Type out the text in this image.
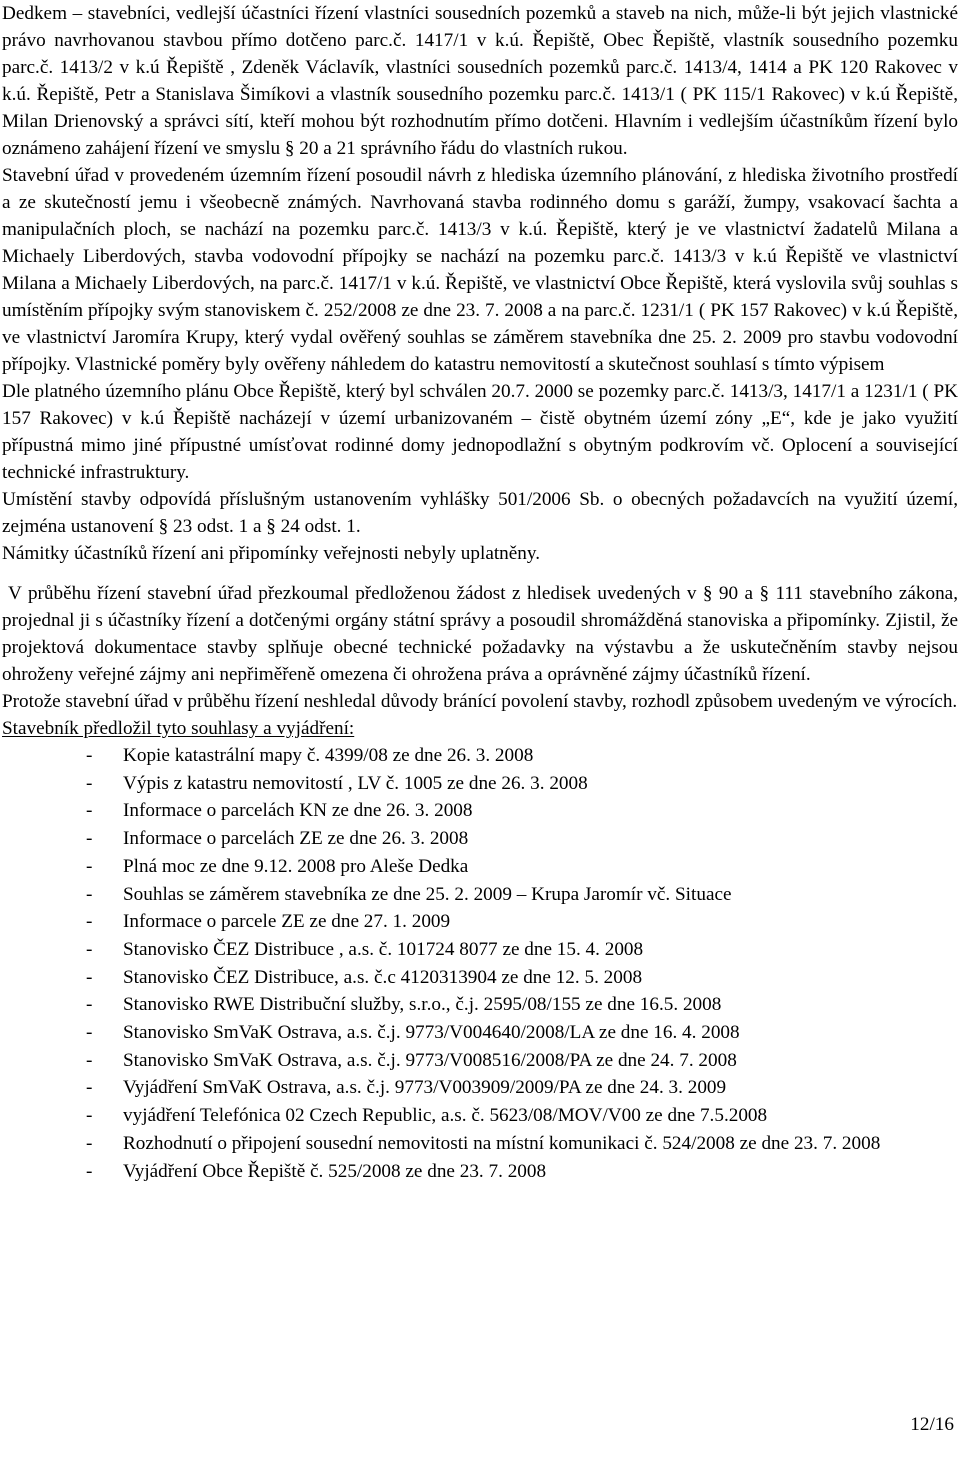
Dedkem – stavebníci, vedlejší účastníci řízení vlastníci sousedních pozemků a staveb na nich, může-li být jejich vlastnické právo navrhovanou stavbou přímo dotčeno parc.č. 1417/1 v k.ú. Řepiště, Obec Řepiště, vlastník sousedního pozemku parc.č. 1413/2 v k.ú Řepiště , Zdeněk Václavík, vlastníci sousedních pozemků parc.č. 1413/4, 1414 a PK 120 Rakovec v k.ú. Řepiště, Petr a Stanislava Šimíkovi a vlastník sousedního pozemku parc.č. 1413/1 ( PK 115/1 Rakovec) v k.ú Řepiště, Milan Drienovský a správci sítí, kteří mohou být rozhodnutím přímo dotčeni. Hlavním i vedlejším účastníkům řízení bylo oznámeno zahájení řízení ve smyslu § 20 a 21 správního řádu do vlastních rukou.

Stavební úřad v provedeném územním řízení posoudil návrh z hlediska územního plánování, z hlediska životního prostředí a ze skutečností jemu i všeobecně známých. Navrhovaná stavba rodinného domu s garáží, žumpy, vsakovací šachta a manipulačních ploch, se nachází na pozemku parc.č. 1413/3 v k.ú. Řepiště, který je ve vlastnictví žadatelů Milana a Michaely Liberdových, stavba vodovodní přípojky se nachází na pozemku parc.č. 1413/3 v k.ú Řepiště ve vlastnictví Milana a Michaely Liberdových, na parc.č. 1417/1 v k.ú. Řepiště, ve vlastnictví Obce Řepiště, která vyslovila svůj souhlas s umístěním přípojky svým stanoviskem č. 252/2008 ze dne 23. 7. 2008 a na parc.č. 1231/1 ( PK 157 Rakovec) v k.ú Řepiště, ve vlastnictví Jaromíra Krupy, který vydal ověřený souhlas se záměrem stavebníka dne 25. 2. 2009 pro stavbu vodovodní přípojky. Vlastnické poměry byly ověřeny náhledem do katastru nemovitostí a skutečnost souhlasí s tímto výpisem

Dle platného územního plánu Obce Řepiště, který byl schválen 20.7. 2000 se pozemky parc.č. 1413/3, 1417/1 a 1231/1 ( PK 157 Rakovec) v k.ú Řepiště nacházejí v území urbanizovaném – čistě obytném území zóny „E“, kde je jako využití přípustná mimo jiné přípustné umísťovat rodinné domy jednopodlažní s obytným podkrovím vč. Oplocení a související technické infrastruktury.

Umístění stavby odpovídá příslušným ustanovením vyhlášky 501/2006 Sb. o obecných požadavcích na využití území, zejména ustanovení § 23 odst. 1 a § 24 odst. 1.

Námitky účastníků řízení ani připomínky veřejnosti nebyly uplatněny.

V průběhu řízení stavební úřad přezkoumal předloženou žádost z hledisek uvedených v § 90 a § 111 stavebního zákona, projednal ji s účastníky řízení a dotčenými orgány státní správy a posoudil shromážděná stanoviska a připomínky. Zjistil, že projektová dokumentace stavby splňuje obecné technické požadavky na výstavbu a že uskutečněním stavby nejsou ohroženy veřejné zájmy ani nepřiměřeně omezena či ohrožena práva a oprávněné zájmy účastníků řízení.

Protože stavební úřad v průběhu řízení neshledal důvody bránící povolení stavby, rozhodl způsobem uvedeným ve výrocích.

Stavebník předložil tyto souhlasy a vyjádření:

- Kopie katastrální mapy č. 4399/08 ze dne 26. 3. 2008
- Výpis z katastru nemovitostí , LV č. 1005 ze dne 26. 3. 2008
- Informace o parcelách KN ze dne 26. 3. 2008
- Informace o parcelách ZE ze dne 26. 3. 2008
- Plná moc ze dne 9.12. 2008 pro Aleše Dedka
- Souhlas se záměrem stavebníka ze dne 25. 2. 2009 – Krupa Jaromír vč. Situace
- Informace o parcele ZE ze dne 27. 1. 2009
- Stanovisko ČEZ Distribuce , a.s. č. 101724 8077 ze dne 15. 4. 2008
- Stanovisko ČEZ Distribuce, a.s. č.c 4120313904 ze dne 12. 5. 2008
- Stanovisko RWE Distribuční služby, s.r.o., č.j. 2595/08/155 ze dne 16.5. 2008
- Stanovisko SmVaK Ostrava, a.s. č.j. 9773/V004640/2008/LA ze dne 16. 4. 2008
- Stanovisko SmVaK Ostrava, a.s. č.j. 9773/V008516/2008/PA ze dne 24. 7. 2008
- Vyjádření SmVaK Ostrava, a.s. č.j. 9773/V003909/2009/PA ze dne 24. 3. 2009
- vyjádření Telefónica 02 Czech Republic, a.s. č. 5623/08/MOV/V00 ze dne 7.5.2008
- Rozhodnutí o připojení sousední nemovitosti na místní komunikaci č. 524/2008 ze dne 23. 7. 2008
- Vyjádření Obce Řepiště č. 525/2008 ze dne 23. 7. 2008
12/16
